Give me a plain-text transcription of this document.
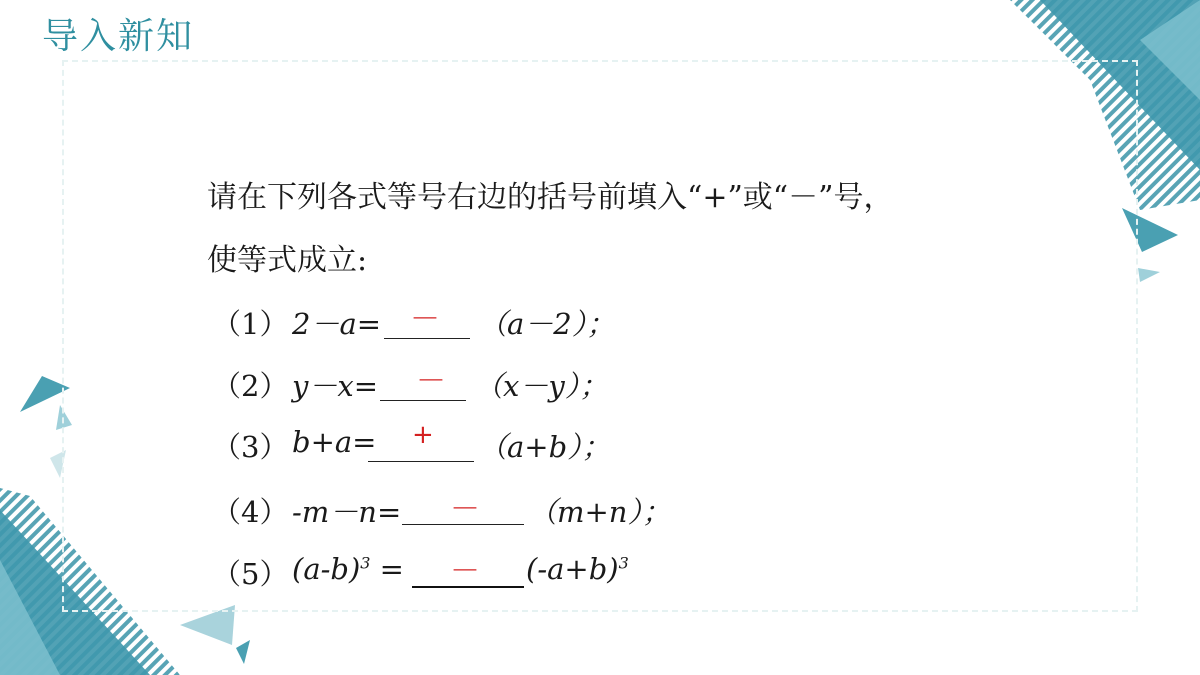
导入新知
请在下列各式等号右边的括号前填入“+”或“－”号，
使等式成立:
（1） 2－a= － （a－2）；
（2） y－x= － （x－y）；
（3） b+a= + （a+b）；
（4） -m－n= － （m+n）；
（5） $(a-b)^3$ = － $(-a+b)^3$
